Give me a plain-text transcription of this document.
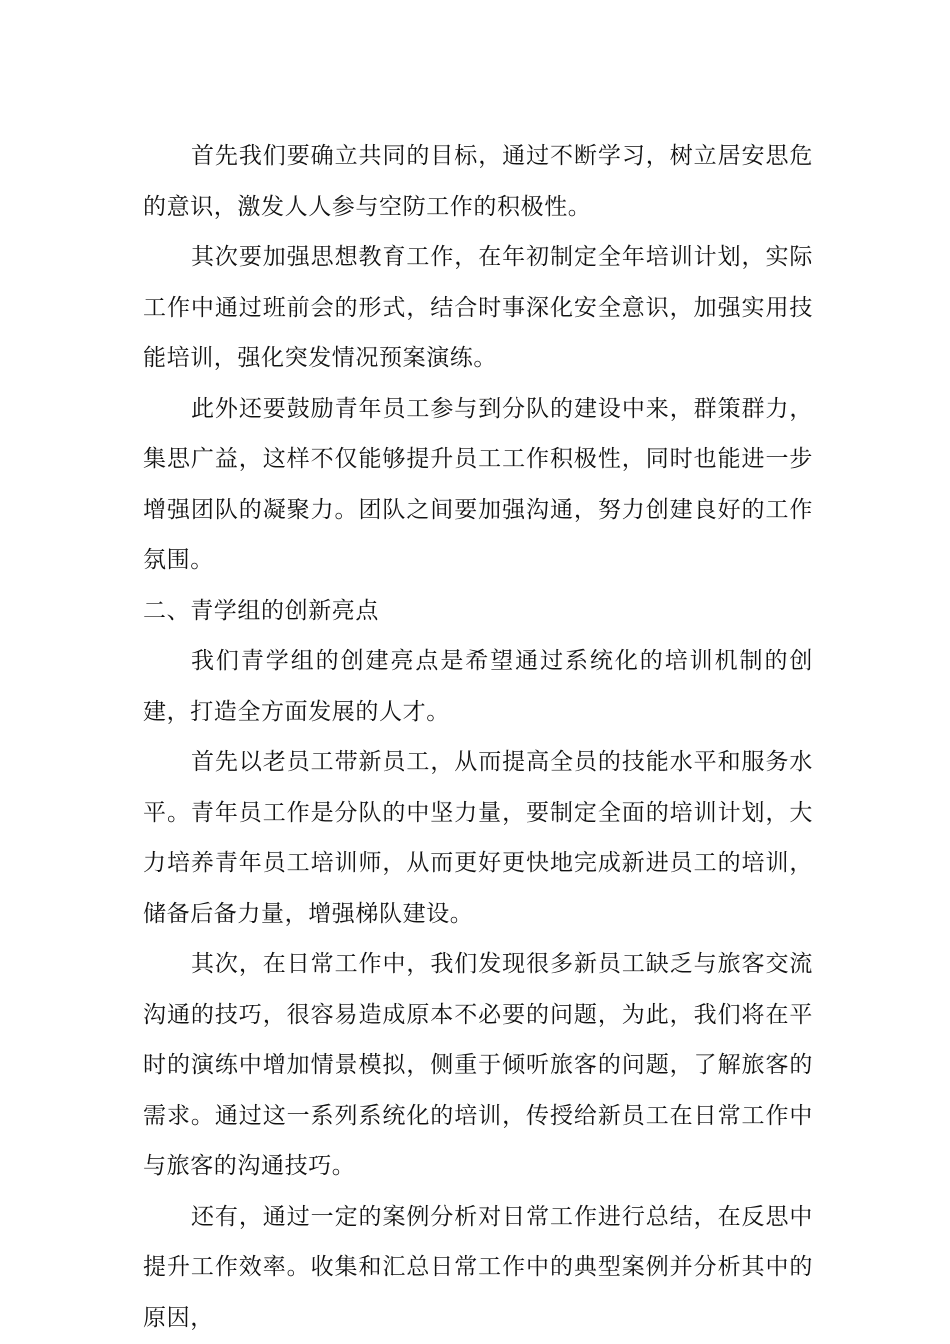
首先我们要确立共同的目标，通过不断学习，树立居安思危的意识，激发人人参与空防工作的积极性。

其次要加强思想教育工作，在年初制定全年培训计划，实际工作中通过班前会的形式，结合时事深化安全意识，加强实用技能培训，强化突发情况预案演练。

此外还要鼓励青年员工参与到分队的建设中来，群策群力，集思广益，这样不仅能够提升员工工作积极性，同时也能进一步增强团队的凝聚力。团队之间要加强沟通，努力创建良好的工作氛围。

二、青学组的创新亮点

我们青学组的创建亮点是希望通过系统化的培训机制的创建，打造全方面发展的人才。

首先以老员工带新员工，从而提高全员的技能水平和服务水平。青年员工作是分队的中坚力量，要制定全面的培训计划，大力培养青年员工培训师，从而更好更快地完成新进员工的培训，储备后备力量，增强梯队建设。

其次，在日常工作中，我们发现很多新员工缺乏与旅客交流沟通的技巧，很容易造成原本不必要的问题，为此，我们将在平时的演练中增加情景模拟，侧重于倾听旅客的问题，了解旅客的需求。通过这一系列系统化的培训，传授给新员工在日常工作中与旅客的沟通技巧。

还有，通过一定的案例分析对日常工作进行总结，在反思中提升工作效率。收集和汇总日常工作中的典型案例并分析其中的原因，
